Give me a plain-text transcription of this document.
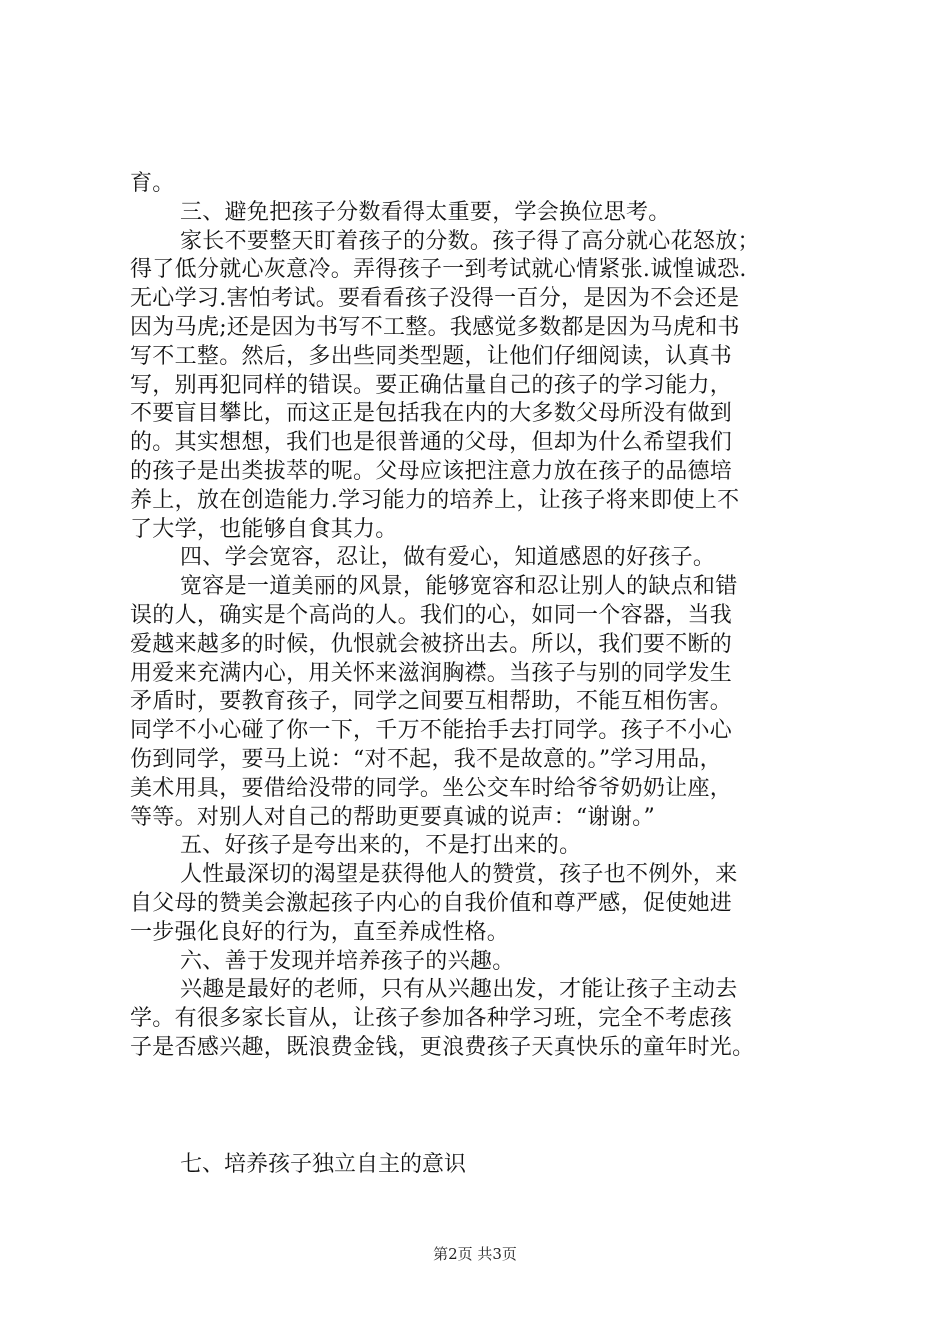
育。
三、避免把孩子分数看得太重要，学会换位思考。
家长不要整天盯着孩子的分数。孩子得了高分就心花怒放；
得了低分就心灰意冷。弄得孩子一到考试就心情紧张.诚惶诚恐.
无心学习.害怕考试。要看看孩子没得一百分，是因为不会还是
因为马虎;还是因为书写不工整。我感觉多数都是因为马虎和书
写不工整。然后，多出些同类型题，让他们仔细阅读，认真书
写，别再犯同样的错误。要正确估量自己的孩子的学习能力，
不要盲目攀比，而这正是包括我在内的大多数父母所没有做到
的。其实想想，我们也是很普通的父母，但却为什么希望我们
的孩子是出类拔萃的呢。父母应该把注意力放在孩子的品德培
养上，放在创造能力.学习能力的培养上，让孩子将来即使上不
了大学，也能够自食其力。
四、学会宽容，忍让，做有爱心，知道感恩的好孩子。
宽容是一道美丽的风景，能够宽容和忍让别人的缺点和错
误的人，确实是个高尚的人。我们的心，如同一个容器，当我
爱越来越多的时候，仇恨就会被挤出去。所以，我们要不断的
用爱来充满内心，用关怀来滋润胸襟。当孩子与别的同学发生
矛盾时，要教育孩子，同学之间要互相帮助，不能互相伤害。
同学不小心碰了你一下，千万不能抬手去打同学。孩子不小心
伤到同学，要马上说：“对不起，我不是故意的。”学习用品，
美术用具，要借给没带的同学。坐公交车时给爷爷奶奶让座，
等等。对别人对自己的帮助更要真诚的说声：“谢谢。”
五、好孩子是夸出来的，不是打出来的。
人性最深切的渴望是获得他人的赞赏，孩子也不例外，来
自父母的赞美会激起孩子内心的自我价值和尊严感，促使她进
一步强化良好的行为，直至养成性格。
六、善于发现并培养孩子的兴趣。
兴趣是最好的老师，只有从兴趣出发，才能让孩子主动去
学。有很多家长盲从，让孩子参加各种学习班，完全不考虑孩
子是否感兴趣，既浪费金钱，更浪费孩子天真快乐的童年时光。
七、培养孩子独立自主的意识
第2页 共3页
